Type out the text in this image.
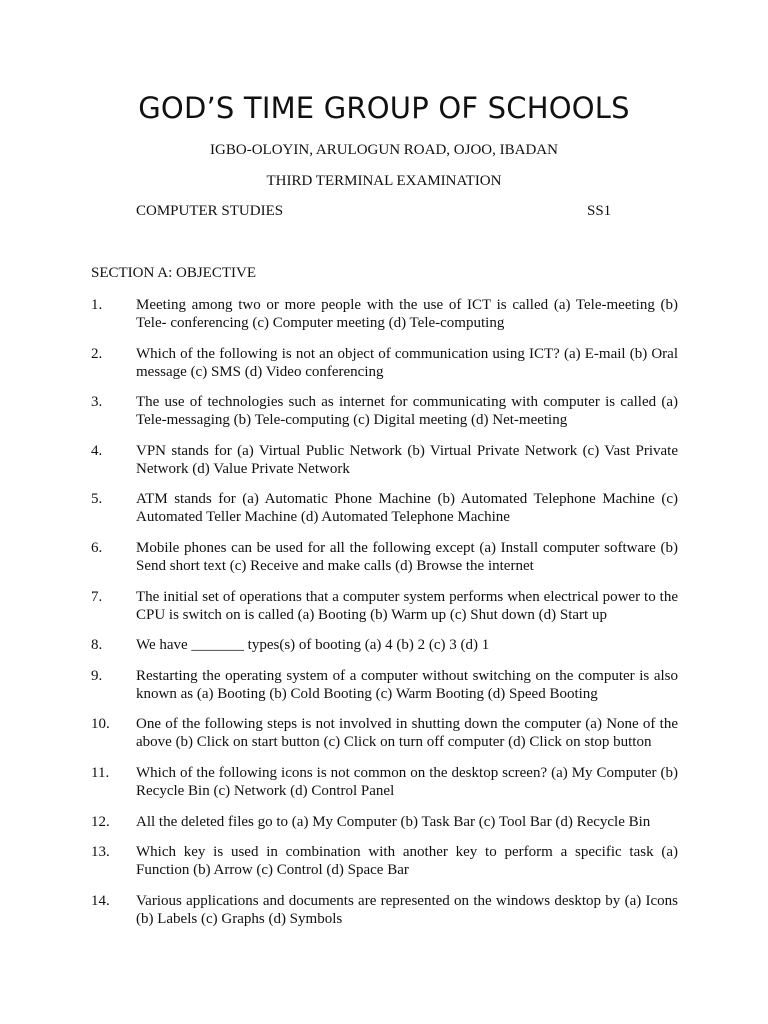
GOD’S TIME GROUP OF SCHOOLS
IGBO-OLOYIN, ARULOGUN ROAD, OJOO, IBADAN
THIRD TERMINAL EXAMINATION
COMPUTER STUDIES	SS1
SECTION A: OBJECTIVE
1. Meeting among two or more people with the use of ICT is called (a) Tele-meeting (b) Tele- conferencing (c) Computer meeting (d) Tele-computing
2. Which of the following is not an object of communication using ICT? (a) E-mail (b) Oral message (c) SMS (d) Video conferencing
3. The use of technologies such as internet for communicating with computer is called (a) Tele-messaging (b) Tele-computing (c) Digital meeting (d) Net-meeting
4. VPN stands for (a) Virtual Public Network (b) Virtual Private Network (c) Vast Private Network (d) Value Private Network
5. ATM stands for (a) Automatic Phone Machine (b) Automated Telephone Machine (c) Automated Teller Machine (d) Automated Telephone Machine
6. Mobile phones can be used for all the following except (a) Install computer software (b) Send short text (c) Receive and make calls (d) Browse the internet
7. The initial set of operations that a computer system performs when electrical power to the CPU is switch on is called (a) Booting (b) Warm up (c) Shut down (d) Start up
8. We have _______ types(s) of booting (a) 4 (b) 2 (c) 3 (d) 1
9. Restarting the operating system of a computer without switching on the computer is also known as (a) Booting (b) Cold Booting (c) Warm Booting (d) Speed Booting
10. One of the following steps is not involved in shutting down the computer (a) None of the above (b) Click on start button (c) Click on turn off computer (d) Click on stop button
11. Which of the following icons is not common on the desktop screen? (a) My Computer (b) Recycle Bin (c) Network (d) Control Panel
12. All the deleted files go to (a) My Computer (b) Task Bar (c) Tool Bar (d) Recycle Bin
13. Which key is used in combination with another key to perform a specific task (a) Function (b) Arrow (c) Control (d) Space Bar
14. Various applications and documents are represented on the windows desktop by (a) Icons (b) Labels (c) Graphs (d) Symbols
